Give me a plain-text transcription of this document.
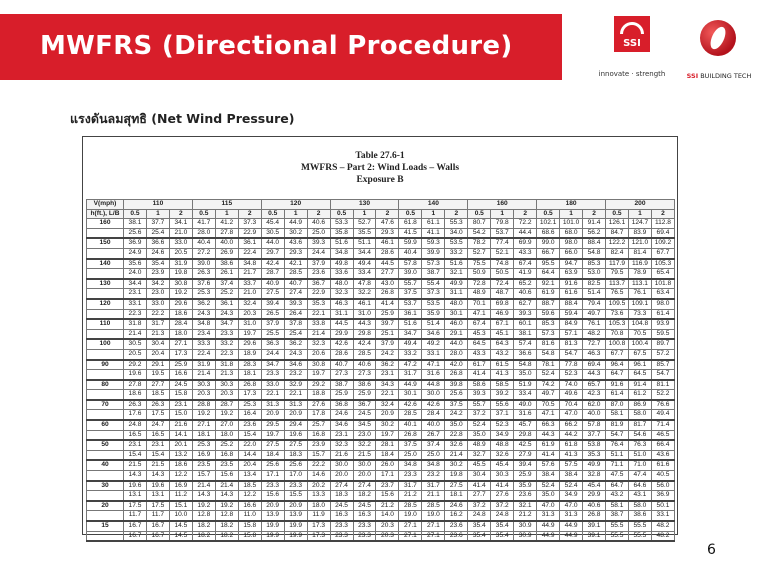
MWFRS (Directional Procedure)	SSI
innovate · strength	SSI BUILDING TECH
แรงดันลมสุทธิ (Net Wind Pressure)
Table 27.6-1
MWFRS – Part 2: Wind Loads – Walls
Exposure B
V(mph)	110			115			120			130			140			160			180			200		
h(ft.), L/B	0.5	1	2	0.5	1	2	0.5	1	2	0.5	1	2	0.5	1	2	0.5	1	2	0.5	1	2	0.5	1	2
160	38.1	37.7	34.1	41.7	41.2	37.3	45.4	44.9	40.6	53.3	52.7	47.6	61.8	61.1	55.3	80.7	79.8	72.2	102.1	101.0	91.4	126.1	124.7	112.8
	25.6	25.4	21.0	28.0	27.8	22.9	30.5	30.2	25.0	35.8	35.5	29.3	41.5	41.1	34.0	54.2	53.7	44.4	68.6	68.0	56.2	84.7	83.9	69.4
150	36.9	36.6	33.0	40.4	40.0	36.1	44.0	43.6	39.3	51.6	51.1	46.1	59.9	59.3	53.5	78.2	77.4	69.9	99.0	98.0	88.4	122.2	121.0	109.2
	24.9	24.6	20.5	27.2	26.9	22.4	29.7	29.3	24.4	34.8	34.4	28.6	40.4	39.9	33.2	52.7	52.1	43.3	66.7	66.0	54.8	82.4	81.4	67.7
140	35.6	35.4	31.9	39.0	38.6	34.8	42.4	42.1	37.9	49.8	49.4	44.5	57.8	57.3	51.6	75.5	74.8	67.4	95.5	94.7	85.3	117.9	116.9	105.3
	24.0	23.9	19.8	26.3	26.1	21.7	28.7	28.5	23.6	33.6	33.4	27.7	39.0	38.7	32.1	50.9	50.5	41.9	64.4	63.9	53.0	79.5	78.9	65.4
130	34.4	34.2	30.8	37.6	37.4	33.7	40.9	40.7	36.7	48.0	47.8	43.0	55.7	55.4	49.9	72.8	72.4	65.2	92.1	91.6	82.5	113.7	113.1	101.8
	23.1	23.0	19.2	25.3	25.2	21.0	27.5	27.4	22.9	32.3	32.2	26.8	37.5	37.3	31.1	48.9	48.7	40.6	61.9	61.6	51.4	76.5	76.1	63.4
120	33.1	33.0	29.6	36.2	36.1	32.4	39.4	39.3	35.3	46.3	46.1	41.4	53.7	53.5	48.0	70.1	69.8	62.7	88.7	88.4	79.4	109.5	109.1	98.0
	22.3	22.2	18.6	24.3	24.3	20.3	26.5	26.4	22.1	31.1	31.0	25.9	36.1	35.9	30.1	47.1	46.9	39.3	59.6	59.4	49.7	73.6	73.3	61.4
110	31.8	31.7	28.4	34.8	34.7	31.0	37.9	37.8	33.8	44.5	44.3	39.7	51.6	51.4	46.0	67.4	67.1	60.1	85.3	84.9	76.1	105.3	104.8	93.9
	21.4	21.3	18.0	23.4	23.3	19.7	25.5	25.4	21.4	29.9	29.8	25.1	34.7	34.6	29.1	45.3	45.1	38.1	57.3	57.1	48.2	70.8	70.5	59.5
100	30.5	30.4	27.1	33.3	33.2	29.6	36.3	36.2	32.3	42.6	42.4	37.9	49.4	49.2	44.0	64.5	64.3	57.4	81.6	81.3	72.7	100.8	100.4	89.7
	20.5	20.4	17.3	22.4	22.3	18.9	24.4	24.3	20.6	28.6	28.5	24.2	33.2	33.1	28.0	43.3	43.2	36.6	54.8	54.7	46.3	67.7	67.5	57.2
90	29.2	29.1	25.9	31.9	31.8	28.3	34.7	34.6	30.8	40.7	40.6	36.2	47.2	47.1	42.0	61.7	61.5	54.8	78.1	77.8	69.4	96.4	96.1	85.7
	19.6	19.5	16.6	21.4	21.3	18.1	23.3	23.2	19.7	27.3	27.3	23.1	31.7	31.6	26.8	41.4	41.3	35.0	52.4	52.3	44.3	64.7	64.5	54.7
80	27.8	27.7	24.5	30.3	30.3	26.8	33.0	32.9	29.2	38.7	38.6	34.3	44.9	44.8	39.8	58.6	58.5	51.9	74.2	74.0	65.7	91.6	91.4	81.1
	18.6	18.5	15.8	20.3	20.3	17.3	22.1	22.1	18.8	25.9	25.9	22.1	30.1	30.0	25.6	39.3	39.2	33.4	49.7	49.6	42.3	61.4	61.2	52.2
70	26.3	26.3	23.1	28.8	28.7	25.3	31.3	31.3	27.6	36.8	36.7	32.4	42.6	42.6	37.5	55.7	55.6	49.0	70.5	70.4	62.0	87.0	86.9	76.6
	17.6	17.5	15.0	19.2	19.2	16.4	20.9	20.9	17.8	24.6	24.5	20.9	28.5	28.4	24.2	37.2	37.1	31.6	47.1	47.0	40.0	58.1	58.0	49.4
60	24.8	24.7	21.6	27.1	27.0	23.6	29.5	29.4	25.7	34.6	34.5	30.2	40.1	40.0	35.0	52.4	52.3	45.7	66.3	66.2	57.8	81.9	81.7	71.4
	16.5	16.5	14.1	18.1	18.0	15.4	19.7	19.6	16.8	23.1	23.0	19.7	26.8	26.7	22.8	35.0	34.9	29.8	44.3	44.2	37.7	54.7	54.6	46.5
50	23.1	23.1	20.1	25.3	25.2	22.0	27.5	27.5	23.9	32.3	32.2	28.1	37.5	37.4	32.6	48.9	48.8	42.5	61.9	61.8	53.8	76.4	76.3	66.4
	15.4	15.4	13.2	16.9	16.8	14.4	18.4	18.3	15.7	21.6	21.5	18.4	25.0	25.0	21.4	32.7	32.6	27.9	41.4	41.3	35.3	51.1	51.0	43.6
40	21.5	21.5	18.6	23.5	23.5	20.4	25.6	25.6	22.2	30.0	30.0	26.0	34.8	34.8	30.2	45.5	45.4	39.4	57.6	57.5	49.9	71.1	71.0	61.6
	14.3	14.3	12.2	15.7	15.6	13.4	17.1	17.0	14.6	20.0	20.0	17.1	23.3	23.2	19.8	30.4	30.3	25.9	38.4	38.4	32.8	47.5	47.4	40.5
30	19.6	19.6	16.9	21.4	21.4	18.5	23.3	23.3	20.2	27.4	27.4	23.7	31.7	31.7	27.5	41.4	41.4	35.9	52.4	52.4	45.4	64.7	64.6	56.0
	13.1	13.1	11.2	14.3	14.3	12.2	15.6	15.5	13.3	18.3	18.2	15.6	21.2	21.1	18.1	27.7	27.6	23.6	35.0	34.9	29.9	43.2	43.1	36.9
20	17.5	17.5	15.1	19.2	19.2	16.6	20.9	20.9	18.0	24.5	24.5	21.2	28.5	28.5	24.6	37.2	37.2	32.1	47.0	47.0	40.6	58.1	58.0	50.1
	11.7	11.7	10.0	12.8	12.8	11.0	13.9	13.9	11.9	16.3	16.3	14.0	19.0	19.0	16.2	24.8	24.8	21.2	31.3	31.3	26.8	38.7	38.6	33.1
15	16.7	16.7	14.5	18.2	18.2	15.8	19.9	19.9	17.3	23.3	23.3	20.3	27.1	27.1	23.6	35.4	35.4	30.9	44.9	44.9	39.1	55.5	55.5	48.2
	16.7	16.7	14.5	18.2	18.2	15.8	19.9	19.9	17.3	23.3	23.3	20.3	27.1	27.1	23.6	35.4	35.4	30.9	44.9	44.9	39.1	55.5	55.5	48.2
6
